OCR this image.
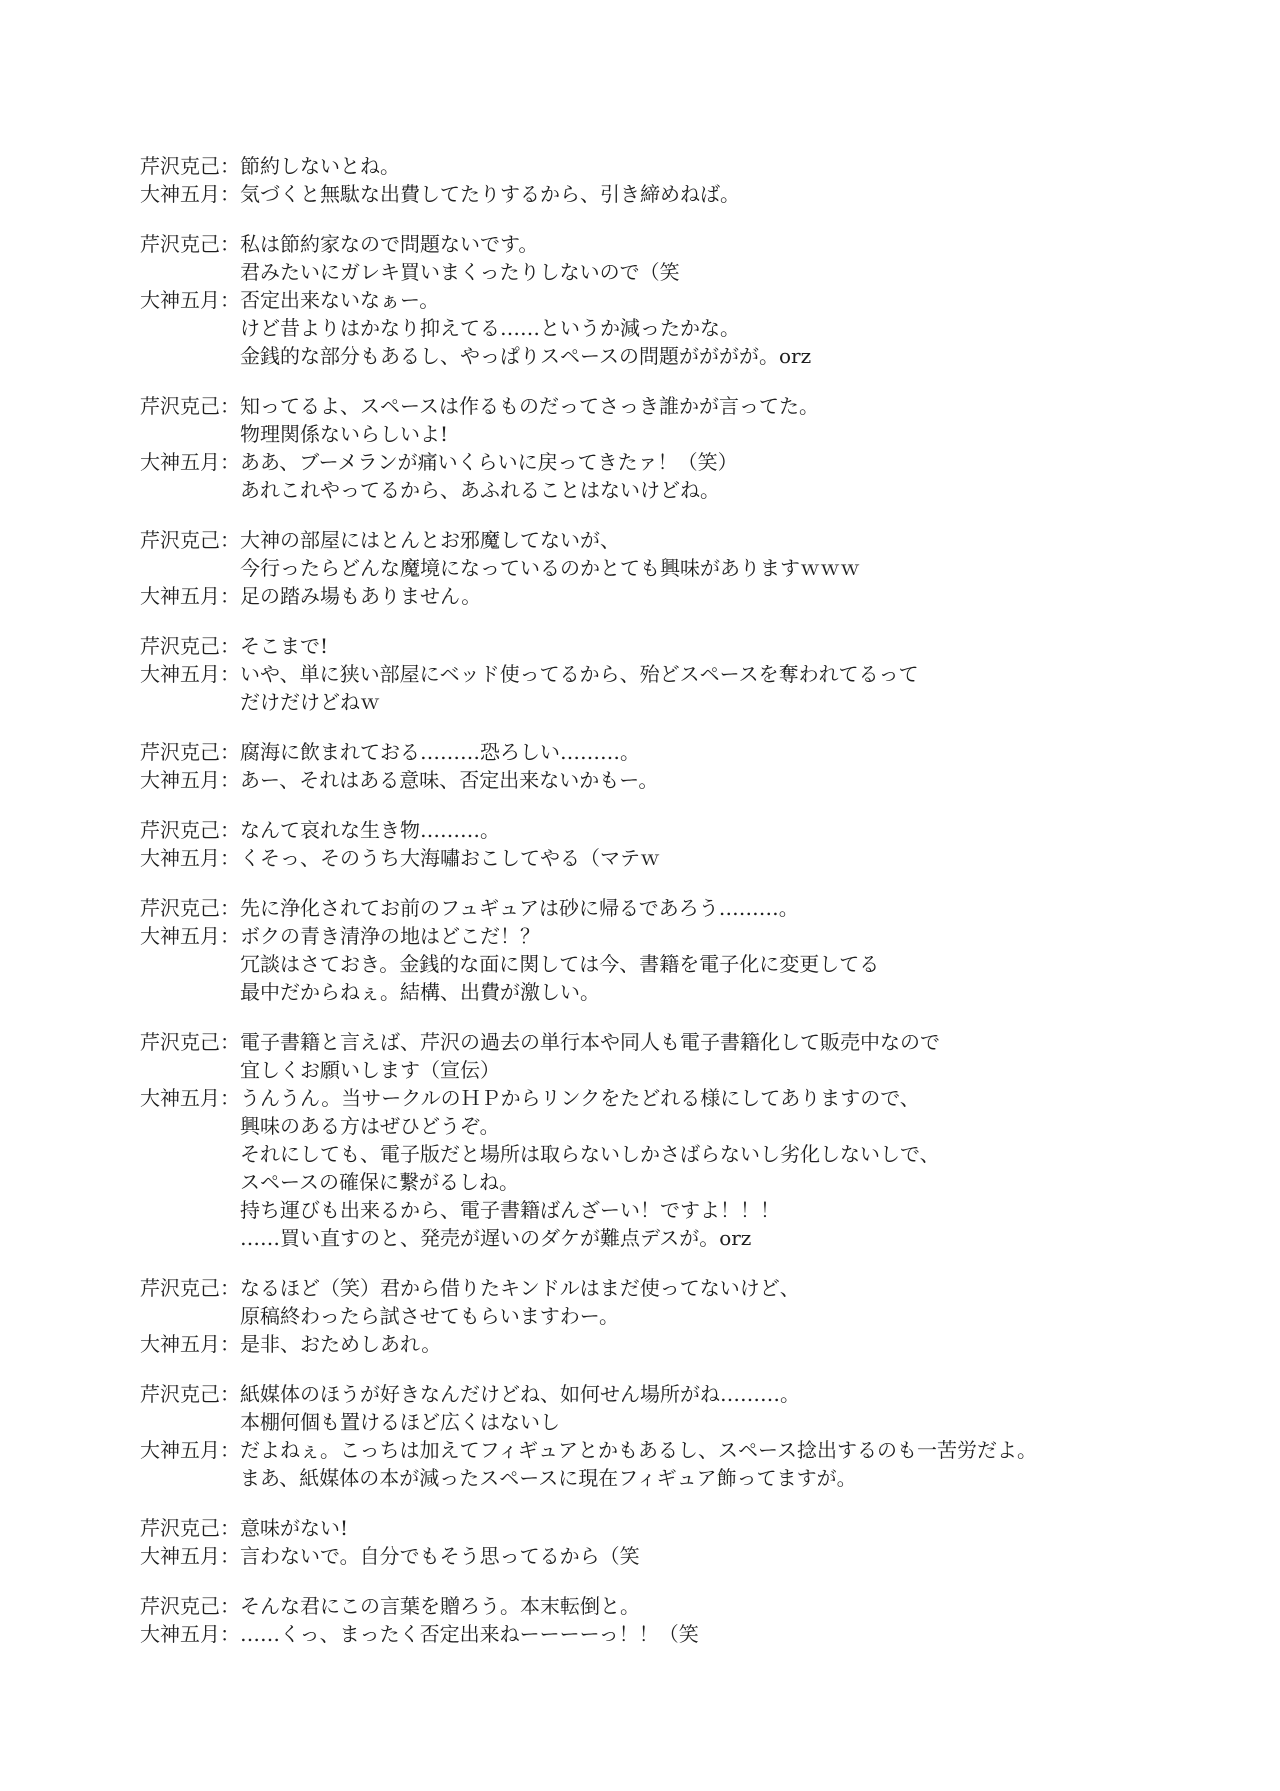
芹沢克己： 節約しないとね。
大神五月： 気づくと無駄な出費してたりするから、引き締めねば。
芹沢克己： 私は節約家なので問題ないです。
君みたいにガレキ買いまくったりしないので（笑
大神五月： 否定出来ないなぁー。
けど昔よりはかなり抑えてる……というか減ったかな。
金銭的な部分もあるし、やっぱりスペースの問題がががが。orz
芹沢克己： 知ってるよ、スペースは作るものだってさっき誰かが言ってた。
物理関係ないらしいよ!
大神五月： ああ、ブーメランが痛いくらいに戻ってきたァ！（笑）
あれこれやってるから、あふれることはないけどね。
芹沢克己： 大神の部屋にはとんとお邪魔してないが、
今行ったらどんな魔境になっているのかとても興味がありますｗｗｗ
大神五月： 足の踏み場もありません。
芹沢克己： そこまで!
大神五月： いや、単に狭い部屋にベッド使ってるから、殆どスペースを奪われてるって
だけだけどねｗ
芹沢克己： 腐海に飲まれておる………恐ろしい………。
大神五月： あー、それはある意味、否定出来ないかもー。
芹沢克己： なんて哀れな生き物………。
大神五月： くそっ、そのうち大海嘯おこしてやる（マテｗ
芹沢克己： 先に浄化されてお前のフュギュアは砂に帰るであろう………。
大神五月： ボクの青き清浄の地はどこだ！？
冗談はさておき。金銭的な面に関しては今、書籍を電子化に変更してる
最中だからねぇ。結構、出費が激しい。
芹沢克己： 電子書籍と言えば、芹沢の過去の単行本や同人も電子書籍化して販売中なので
宜しくお願いします（宣伝）
大神五月： うんうん。当サークルのＨＰからリンクをたどれる様にしてありますので、
興味のある方はぜひどうぞ。
それにしても、電子版だと場所は取らないしかさばらないし劣化しないしで、
スペースの確保に繋がるしね。
持ち運びも出来るから、電子書籍ばんざーい！ですよ！！！
……買い直すのと、発売が遅いのダケが難点デスが。orz
芹沢克己： なるほど（笑）君から借りたキンドルはまだ使ってないけど、
原稿終わったら試させてもらいますわー。
大神五月： 是非、おためしあれ。
芹沢克己： 紙媒体のほうが好きなんだけどね、如何せん場所がね………。
本棚何個も置けるほど広くはないし
大神五月： だよねぇ。こっちは加えてフィギュアとかもあるし、スペース捻出するのも一苦労だよ。
まあ、紙媒体の本が減ったスペースに現在フィギュア飾ってますが。
芹沢克己： 意味がない!
大神五月： 言わないで。自分でもそう思ってるから（笑
芹沢克己： そんな君にこの言葉を贈ろう。本末転倒と。
大神五月： ……くっ、まったく否定出来ねーーーーっ！！（笑
